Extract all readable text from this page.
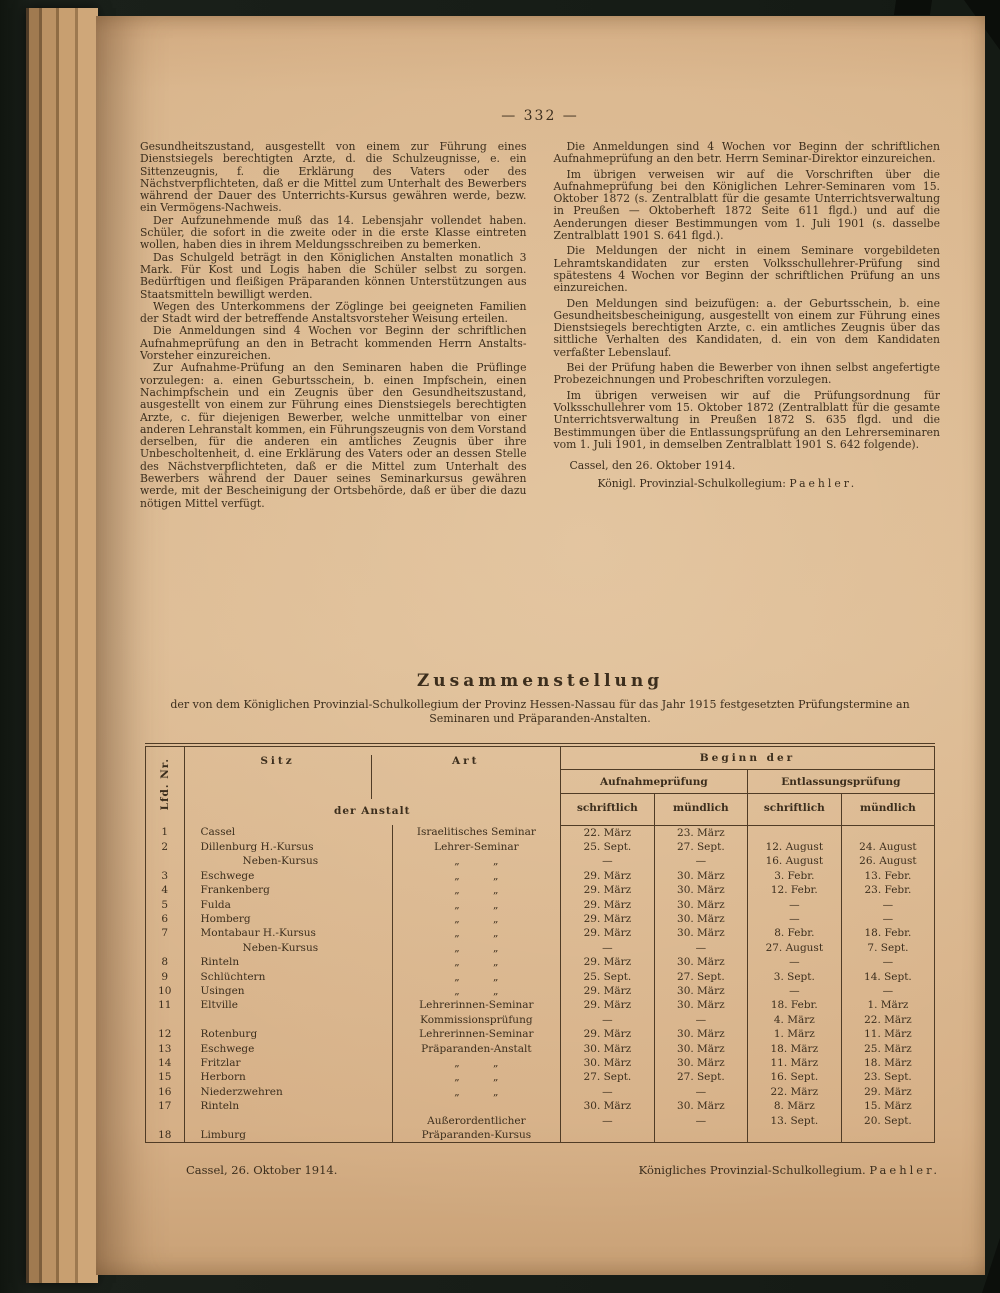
— 332 —

Gesundheitszustand, ausgestellt von einem zur Führung eines Dienstsiegels berechtigten Arzte, d. die Schulzeugnisse, e. ein Sittenzeugnis, f. die Erklärung des Vaters oder des Nächstverpflichteten, daß er die Mittel zum Unterhalt des Bewerbers während der Dauer des Unterrichts-Kursus gewähren werde, bezw. ein Vermögens-Nachweis.

Der Aufzunehmende muß das 14. Lebensjahr vollendet haben. Schüler, die sofort in die zweite oder in die erste Klasse eintreten wollen, haben dies in ihrem Meldungsschreiben zu bemerken.

Das Schulgeld beträgt in den Königlichen Anstalten monatlich 3 Mark. Für Kost und Logis haben die Schüler selbst zu sorgen. Bedürftigen und fleißigen Präparanden können Unterstützungen aus Staatsmitteln bewilligt werden.

Wegen des Unterkommens der Zöglinge bei geeigneten Familien der Stadt wird der betreffende Anstaltsvorsteher Weisung erteilen.

Die Anmeldungen sind 4 Wochen vor Beginn der schriftlichen Aufnahmeprüfung an den in Betracht kommenden Herrn Anstalts-Vorsteher einzureichen.

Zur Aufnahme-Prüfung an den Seminaren haben die Prüflinge vorzulegen: a. einen Geburtsschein, b. einen Impfschein, einen Nachimpfschein und ein Zeugnis über den Gesundheitszustand, ausgestellt von einem zur Führung eines Dienstsiegels berechtigten Arzte, c. für diejenigen Bewerber, welche unmittelbar von einer anderen Lehranstalt kommen, ein Führungszeugnis von dem Vorstand derselben, für die anderen ein amtliches Zeugnis über ihre Unbescholtenheit, d. eine Erklärung des Vaters oder an dessen Stelle des Nächstverpflichteten, daß er die Mittel zum Unterhalt des Bewerbers während der Dauer seines Seminarkursus gewähren werde, mit der Bescheinigung der Ortsbehörde, daß er über die dazu nötigen Mittel verfügt.

Die Anmeldungen sind 4 Wochen vor Beginn der schriftlichen Aufnahmeprüfung an den betr. Herrn Seminar-Direktor einzureichen.

Im übrigen verweisen wir auf die Vorschriften über die Aufnahmeprüfung bei den Königlichen Lehrer-Seminaren vom 15. Oktober 1872 (s. Zentralblatt für die gesamte Unterrichtsverwaltung in Preußen — Oktoberheft 1872 Seite 611 flgd.) und auf die Aenderungen dieser Bestimmungen vom 1. Juli 1901 (s. dasselbe Zentralblatt 1901 S. 641 flgd.).

Die Meldungen der nicht in einem Seminare vorgebildeten Lehramtskandidaten zur ersten Volksschullehrer-Prüfung sind spätestens 4 Wochen vor Beginn der schriftlichen Prüfung an uns einzureichen.

Den Meldungen sind beizufügen: a. der Geburtsschein, b. eine Gesundheitsbescheinigung, ausgestellt von einem zur Führung eines Dienstsiegels berechtigten Arzte, c. ein amtliches Zeugnis über das sittliche Verhalten des Kandidaten, d. ein von dem Kandidaten verfaßter Lebenslauf.

Bei der Prüfung haben die Bewerber von ihnen selbst angefertigte Probezeichnungen und Probeschriften vorzulegen.

Im übrigen verweisen wir auf die Prüfungsordnung für Volksschullehrer vom 15. Oktober 1872 (Zentralblatt für die gesamte Unterrichtsverwaltung in Preußen 1872 S. 635 flgd. und die Bestimmungen über die Entlassungsprüfung an den Lehrerseminaren vom 1. Juli 1901, in demselben Zentralblatt 1901 S. 642 folgende).

Cassel, den 26. Oktober 1914.

Königl. Provinzial-Schulkollegium: Paehler.

Zusammenstellung

der von dem Königlichen Provinzial-Schulkollegium der Provinz Hessen-Nassau für das Jahr 1915 festgesetzten Prüfungstermine an Seminaren und Präparanden-Anstalten.

Lfd. Nr.	Sitz Art
der Anstalt		Beginn der			
			Aufnahmeprüfung		Entlassungsprüfung	
			schriftlich	mündlich	schriftlich	mündlich
1	Cassel	Israelitisches Seminar	22. März	23. März		
2	Dillenburg H.-Kursus	Lehrer-Seminar	25. Sept.	27. Sept.	12. August	24. August
	Neben-Kursus	„          „	—	—	16. August	26. August
3	Eschwege	„          „	29. März	30. März	3. Febr.	13. Febr.
4	Frankenberg	„          „	29. März	30. März	12. Febr.	23. Febr.
5	Fulda	„          „	29. März	30. März	—	—
6	Homberg	„          „	29. März	30. März	—	—
7	Montabaur H.-Kursus	„          „	29. März	30. März	8. Febr.	18. Febr.
	Neben-Kursus	„          „	—	—	27. August	7. Sept.
8	Rinteln	„          „	29. März	30. März	—	—
9	Schlüchtern	„          „	25. Sept.	27. Sept.	3. Sept.	14. Sept.
10	Usingen	„          „	29. März	30. März	—	—
11	Eltville	Lehrerinnen-Seminar	29. März	30. März	18. Febr.	1. März
		Kommissionsprüfung	—	—	4. März	22. März
12	Rotenburg	Lehrerinnen-Seminar	29. März	30. März	1. März	11. März
13	Eschwege	Präparanden-Anstalt	30. März	30. März	18. März	25. März
14	Fritzlar	„          „	30. März	30. März	11. März	18. März
15	Herborn	„          „	27. Sept.	27. Sept.	16. Sept.	23. Sept.
16	Niederzwehren	„          „	—	—	22. März	29. März
17	Rinteln		30. März	30. März	8. März	15. März
		Außerordentlicher	—	—	13. Sept.	20. Sept.
18	Limburg	Präparanden-Kursus				
Cassel, 26. Oktober 1914.	Königliches Provinzial-Schulkollegium. Paehler.
